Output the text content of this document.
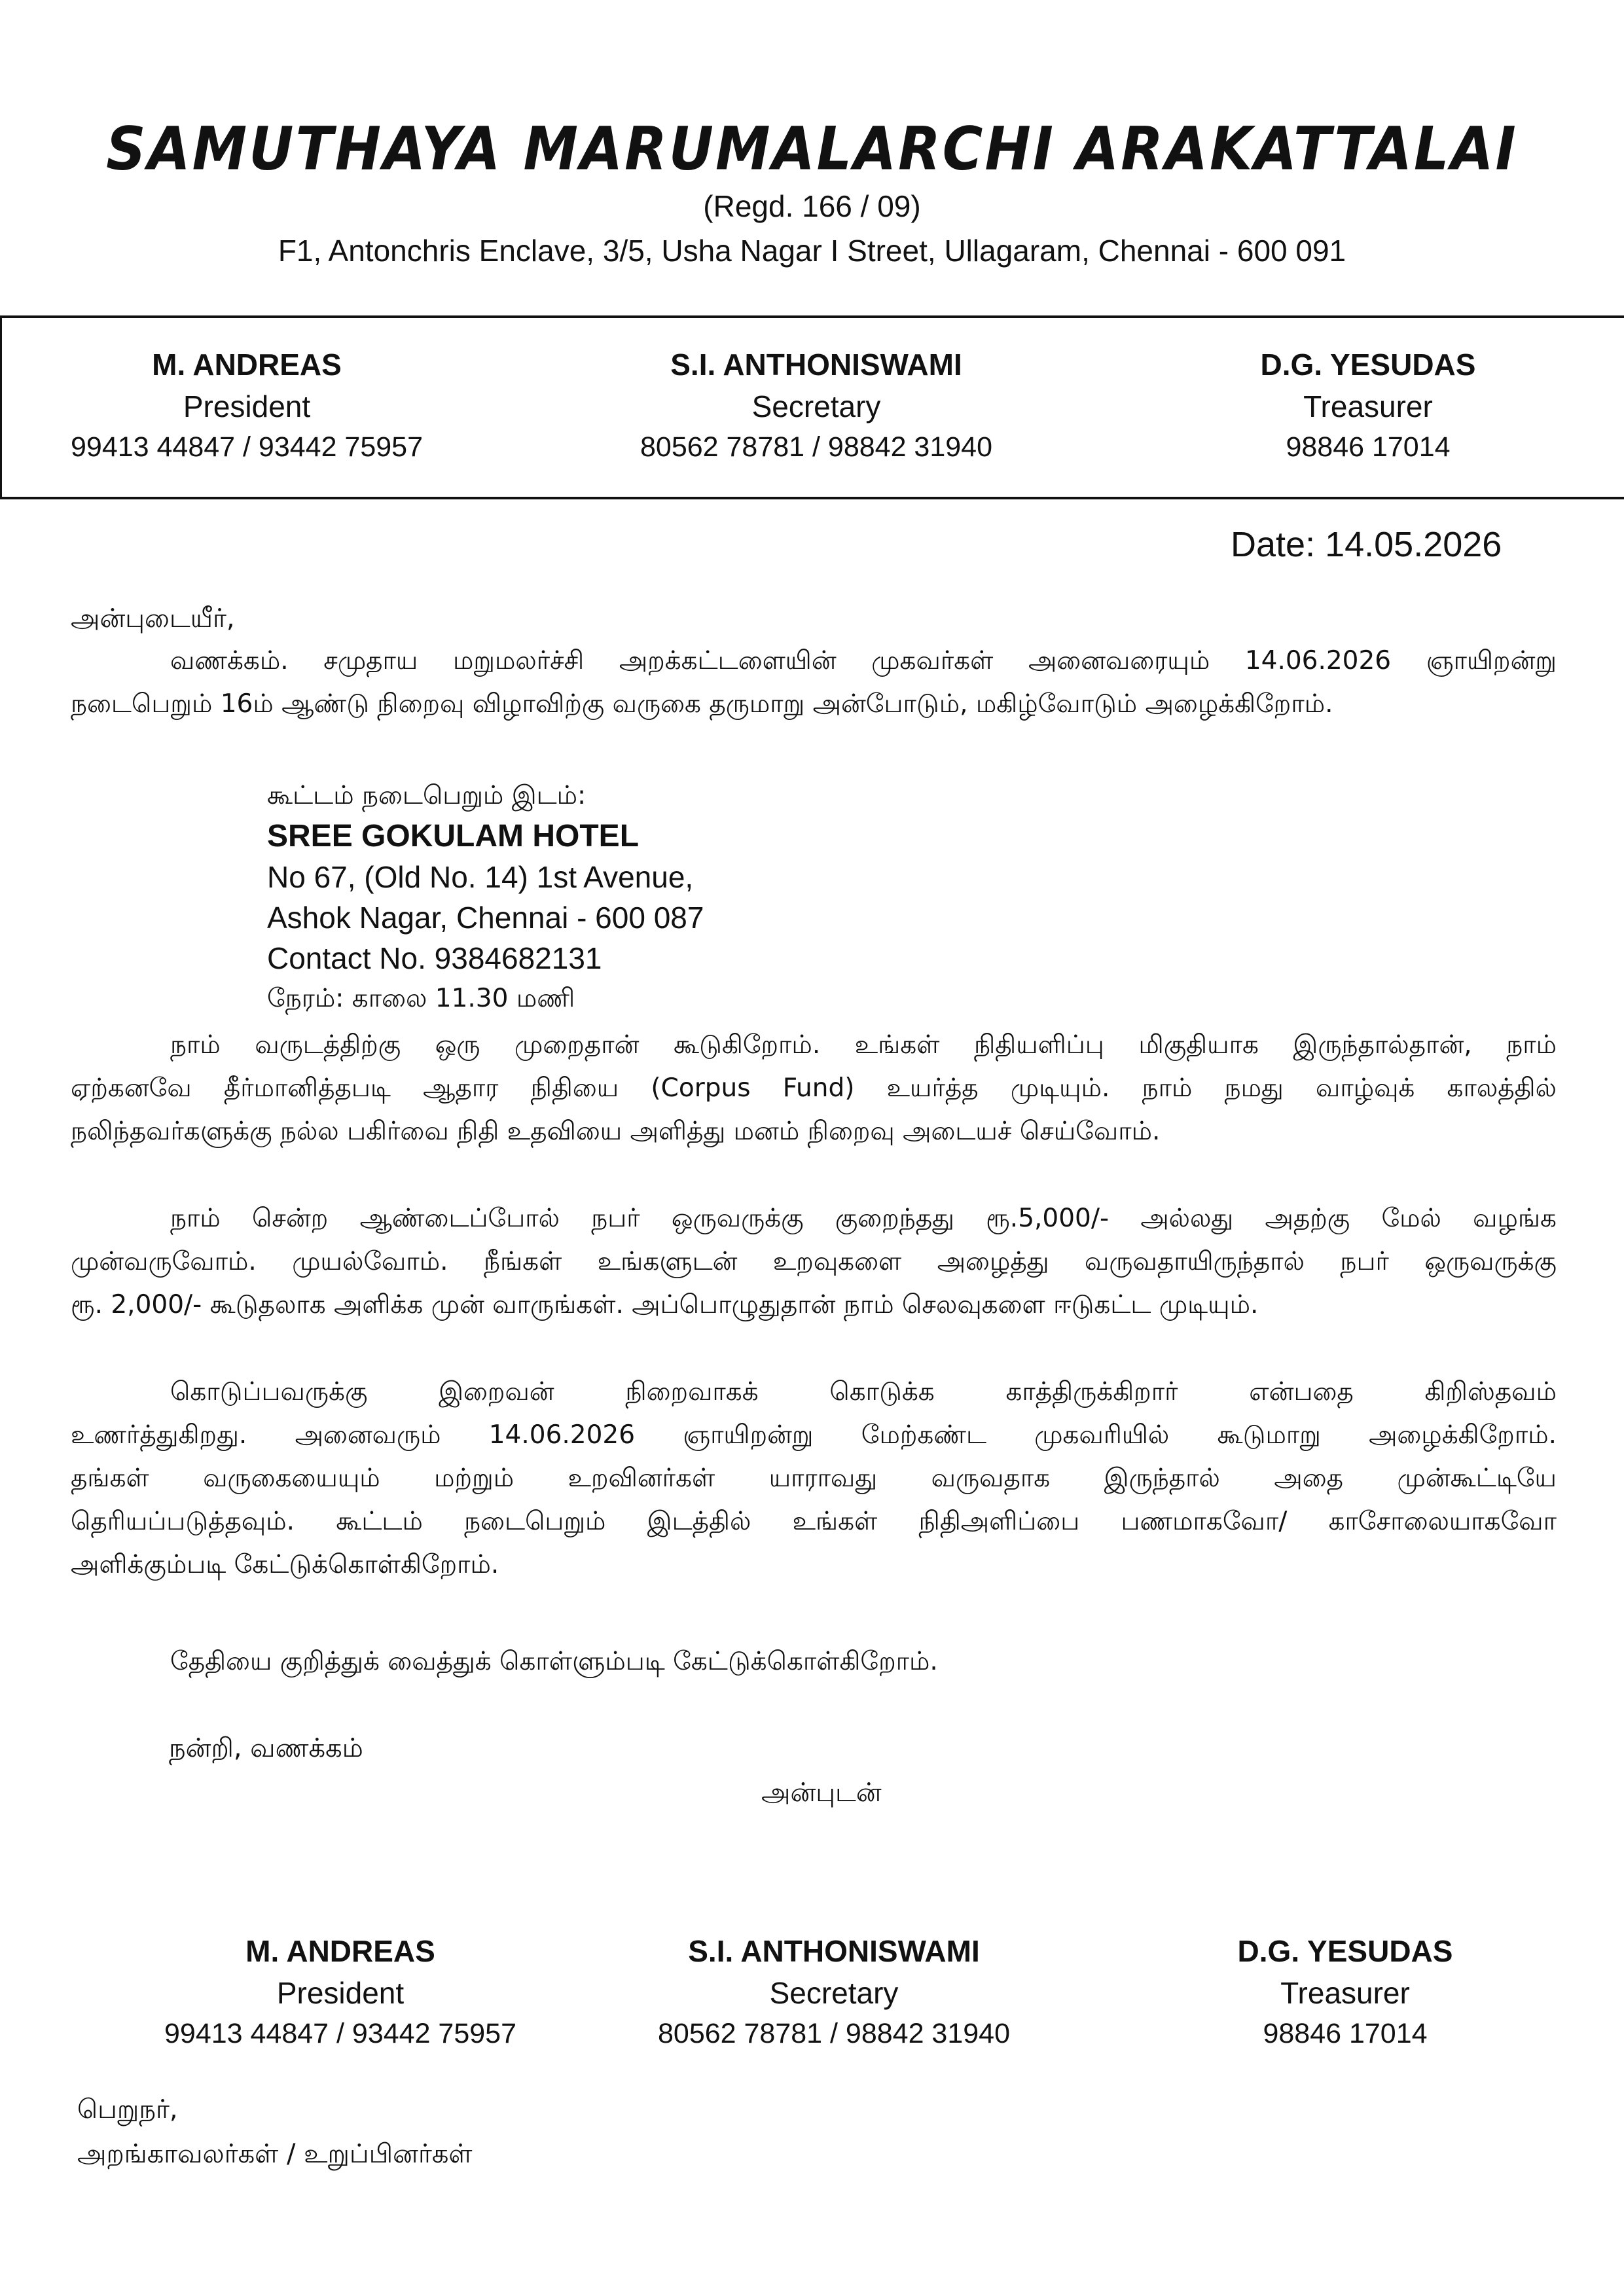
SAMUTHAYA MARUMALARCHI ARAKATTALAI
(Regd. 166 / 09)
F1, Antonchris Enclave, 3/5, Usha Nagar I Street, Ullagaram, Chennai - 600 091
M. ANDREAS
President
99413 44847 / 93442 75957
S.I. ANTHONISWAMI
Secretary
80562 78781 / 98842 31940
D.G. YESUDAS
Treasurer
98846 17014
Date: 14.05.2026
அன்புடையீர்,
வணக்கம். சமுதாய மறுமலர்ச்சி அறக்கட்டளையின் முகவர்கள் அனைவரையும் 14.06.2026 ஞாயிறன்று
நடைபெறும் 16ம் ஆண்டு நிறைவு விழாவிற்கு வருகை தருமாறு அன்போடும், மகிழ்வோடும் அழைக்கிறோம்.
கூட்டம் நடைபெறும் இடம்:
SREE GOKULAM HOTEL
No 67, (Old No. 14) 1st Avenue,
Ashok Nagar, Chennai - 600 087
Contact No. 9384682131
நேரம்: காலை 11.30 மணி
நாம் வருடத்திற்கு ஒரு முறைதான் கூடுகிறோம். உங்கள் நிதியளிப்பு மிகுதியாக இருந்தால்தான், நாம்
ஏற்கனவே தீர்மானித்தபடி ஆதார நிதியை (Corpus Fund) உயர்த்த முடியும். நாம் நமது வாழ்வுக் காலத்தில்
நலிந்தவர்களுக்கு நல்ல பகிர்வை நிதி உதவியை அளித்து மனம் நிறைவு அடையச் செய்வோம்.
நாம் சென்ற ஆண்டைப்போல் நபர் ஒருவருக்கு குறைந்தது ரூ.5,000/- அல்லது அதற்கு மேல் வழங்க
முன்வருவோம். முயல்வோம். நீங்கள் உங்களுடன் உறவுகளை அழைத்து வருவதாயிருந்தால் நபர் ஒருவருக்கு
ரூ. 2,000/- கூடுதலாக அளிக்க முன் வாருங்கள். அப்பொழுதுதான் நாம் செலவுகளை ஈடுகட்ட முடியும்.
கொடுப்பவருக்கு இறைவன் நிறைவாகக் கொடுக்க காத்திருக்கிறார் என்பதை கிறிஸ்தவம்
உணர்த்துகிறது. அனைவரும் 14.06.2026 ஞாயிறன்று மேற்கண்ட முகவரியில் கூடுமாறு அழைக்கிறோம்.
தங்கள் வருகையையும் மற்றும் உறவினர்கள் யாராவது வருவதாக இருந்தால் அதை முன்கூட்டியே
தெரியப்படுத்தவும். கூட்டம் நடைபெறும் இடத்தில் உங்கள் நிதிஅளிப்பை பணமாகவோ/ காசோலையாகவோ
அளிக்கும்படி கேட்டுக்கொள்கிறோம்.
தேதியை குறித்துக் வைத்துக் கொள்ளும்படி கேட்டுக்கொள்கிறோம்.
நன்றி, வணக்கம்
அன்புடன்
M. ANDREAS
President
99413 44847 / 93442 75957
S.I. ANTHONISWAMI
Secretary
80562 78781 / 98842 31940
D.G. YESUDAS
Treasurer
98846 17014
பெறுநர்,
அறங்காவலர்கள் / உறுப்பினர்கள்
